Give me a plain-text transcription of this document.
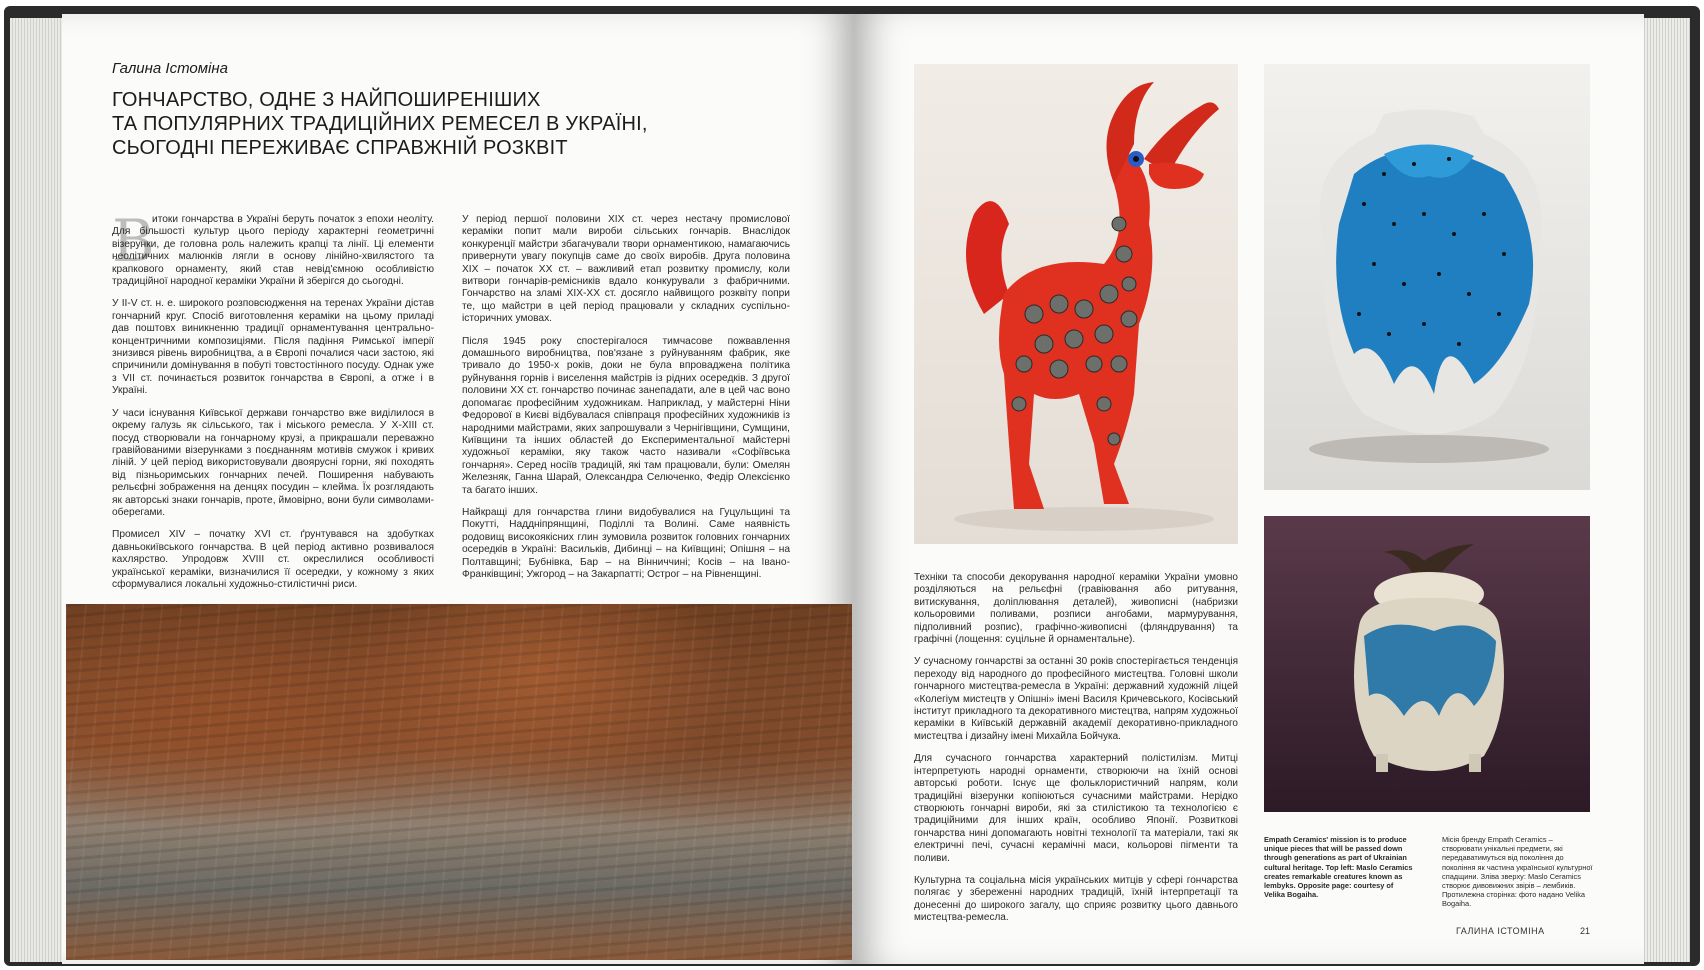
Галина Істоміна
ГОНЧАРСТВО, ОДНЕ З НАЙПОШИРЕНІШИХ
ТА ПОПУЛЯРНИХ ТРАДИЦІЙНИХ РЕМЕСЕЛ В УКРАЇНІ,
СЬОГОДНІ ПЕРЕЖИВАЄ СПРАВЖНІЙ РОЗКВІТ
В

итоки гончарства в Україні беруть початок з епохи неоліту. Для більшості культур цього періоду характерні геометричні візерунки, де головна роль належить крапці та лінії. Ці елементи неолітичних малюнків лягли в основу лінійно-хвилястого та крапкового орнаменту, який став невід'ємною особливістю традиційної народної кераміки України й зберігся до сьогодні.

У II-V ст. н. е. широкого розповсюдження на теренах України дістав гончарний круг. Спосіб виготовлення кераміки на цьому приладі дав поштовх виникненню традиції орнаментування центрально-концентричними композиціями. Після падіння Римської імперії знизився рівень виробництва, а в Європі почалися часи застою, які спричинили домінування в побуті товстостінного посуду. Однак уже з VII ст. починається розвиток гончарства в Європі, а отже і в Україні.

У часи існування Київської держави гончарство вже виділилося в окрему галузь як сільського, так і міського ремесла. У X-XIII ст. посуд створювали на гончарному крузі, а прикрашали переважно гравійованими візерунками з поєднанням мотивів смужок і кривих ліній. У цей період використовували двоярусні горни, які походять від пізньоримських гончарних печей. Поширення набувають рельєфні зображення на денцях посудин – клейма. Їх розглядають як авторські знаки гончарів, проте, ймовірно, вони були символами-оберегами.

Промисел XIV – початку XVI ст. ґрунтувався на здобутках давньокиївського гончарства. В цей період активно розвивалося кахлярство. Упродовж XVIII ст. окреслилися особливості української кераміки, визначилися її осередки, у кожному з яких сформувалися локальні художньо-стилістичні риси.

У період першої половини XIX ст. через нестачу промислової кераміки попит мали вироби сільських гончарів. Внаслідок конкуренції майстри збагачували твори орнаментикою, намагаючись привернути увагу покупців саме до своїх виробів. Друга половина XIX – початок XX ст. – важливий етап розвитку промислу, коли витвори гончарів-ремісників вдало конкурували з фабричними. Гончарство на зламі XIX-XX ст. досягло найвищого розквіту попри те, що майстри в цей період працювали у складних суспільно-історичних умовах.

Після 1945 року спостерігалося тимчасове пожвавлення домашнього виробництва, пов'язане з руйнуванням фабрик, яке тривало до 1950-х років, доки не була впроваджена політика руйнування горнів і виселення майстрів із рідних осередків. З другої половини XX ст. гончарство починає занепадати, але в цей час воно допомагає професійним художникам. Наприклад, у майстерні Ніни Федорової в Києві відбувалася співпраця професійних художників із народними майстрами, яких запрошували з Чернігівщини, Сумщини, Київщини та інших областей до Експериментальної майстерні художньої кераміки, яку також часто називали «Софіївська гончарня». Серед носіїв традицій, які там працювали, були: Омелян Железняк, Ганна Шарай, Олександра Селюченко, Федір Олексієнко та багато інших.

Найкращі для гончарства глини видобувалися на Гуцульщині та Покутті, Наддніпрянщині, Поділлі та Волині. Саме наявність родовищ високоякісних глин зумовила розвиток головних гончарних осередків в Україні: Васильків, Дибинці – на Київщині; Опішня – на Полтавщині; Бубнівка, Бар – на Вінниччині; Косів – на Івано-Франківщині; Ужгород – на Закарпатті; Острог – на Рівненщині.	Техніки та способи декорування народної кераміки України умовно розділяються на рельєфні (гравіювання або ритування, витискування, доліплювання деталей), живописні (набризки кольоровими поливами, розписи ангобами, мармурування, підполивний розпис), графічно-живописні (фляндрування) та графічні (лощення: суцільне й орнаментальне).

У сучасному гончарстві за останні 30 років спостерігається тенденція переходу від народного до професійного мистецтва. Головні школи гончарного мистецтва-ремесла в Україні: державний художній ліцей «Колегіум мистецтв у Опішні» імені Василя Кричевського, Косівський інститут прикладного та декоративного мистецтва, напрям художньої кераміки в Київській державній академії декоративно-прикладного мистецтва і дизайну імені Михайла Бойчука.

Для сучасного гончарства характерний полістилізм. Митці інтерпретують народні орнаменти, створюючи на їхній основі авторські роботи. Існує ще фольклористичний напрям, коли традиційні візерунки копіюються сучасними майстрами. Нерідко створюють гончарні вироби, які за стилістикою та технологією є традиційними для інших країн, особливо Японії. Розвиткові гончарства нині допомагають новітні технології та матеріали, такі як електричні печі, сучасні керамічні маси, кольорові пігменти та поливи.

Культурна та соціальна місія українських митців у сфері гончарства полягає у збереженні народних традицій, їхній інтерпретації та донесенні до широкого загалу, що сприяє розвитку цього давнього мистецтва-ремесла.

Empath Ceramics' mission is to produce unique pieces that will be passed down through generations as part of Ukrainian cultural heritage. Top left: Maslo Ceramics creates remarkable creatures known as lembyks. Opposite page: courtesy of Velika Bogaiha.
Місія бренду Empath Ceramics – створювати унікальні предмети, які передаватимуться від покоління до покоління як частина української культурної спадщини. Зліва зверху: Maslo Ceramics створює дивовижних звірів – лембиків. Протилежна сторінка: фото надано Velika Bogaiha.
ГАЛИНА ІСТОМІНА	21
